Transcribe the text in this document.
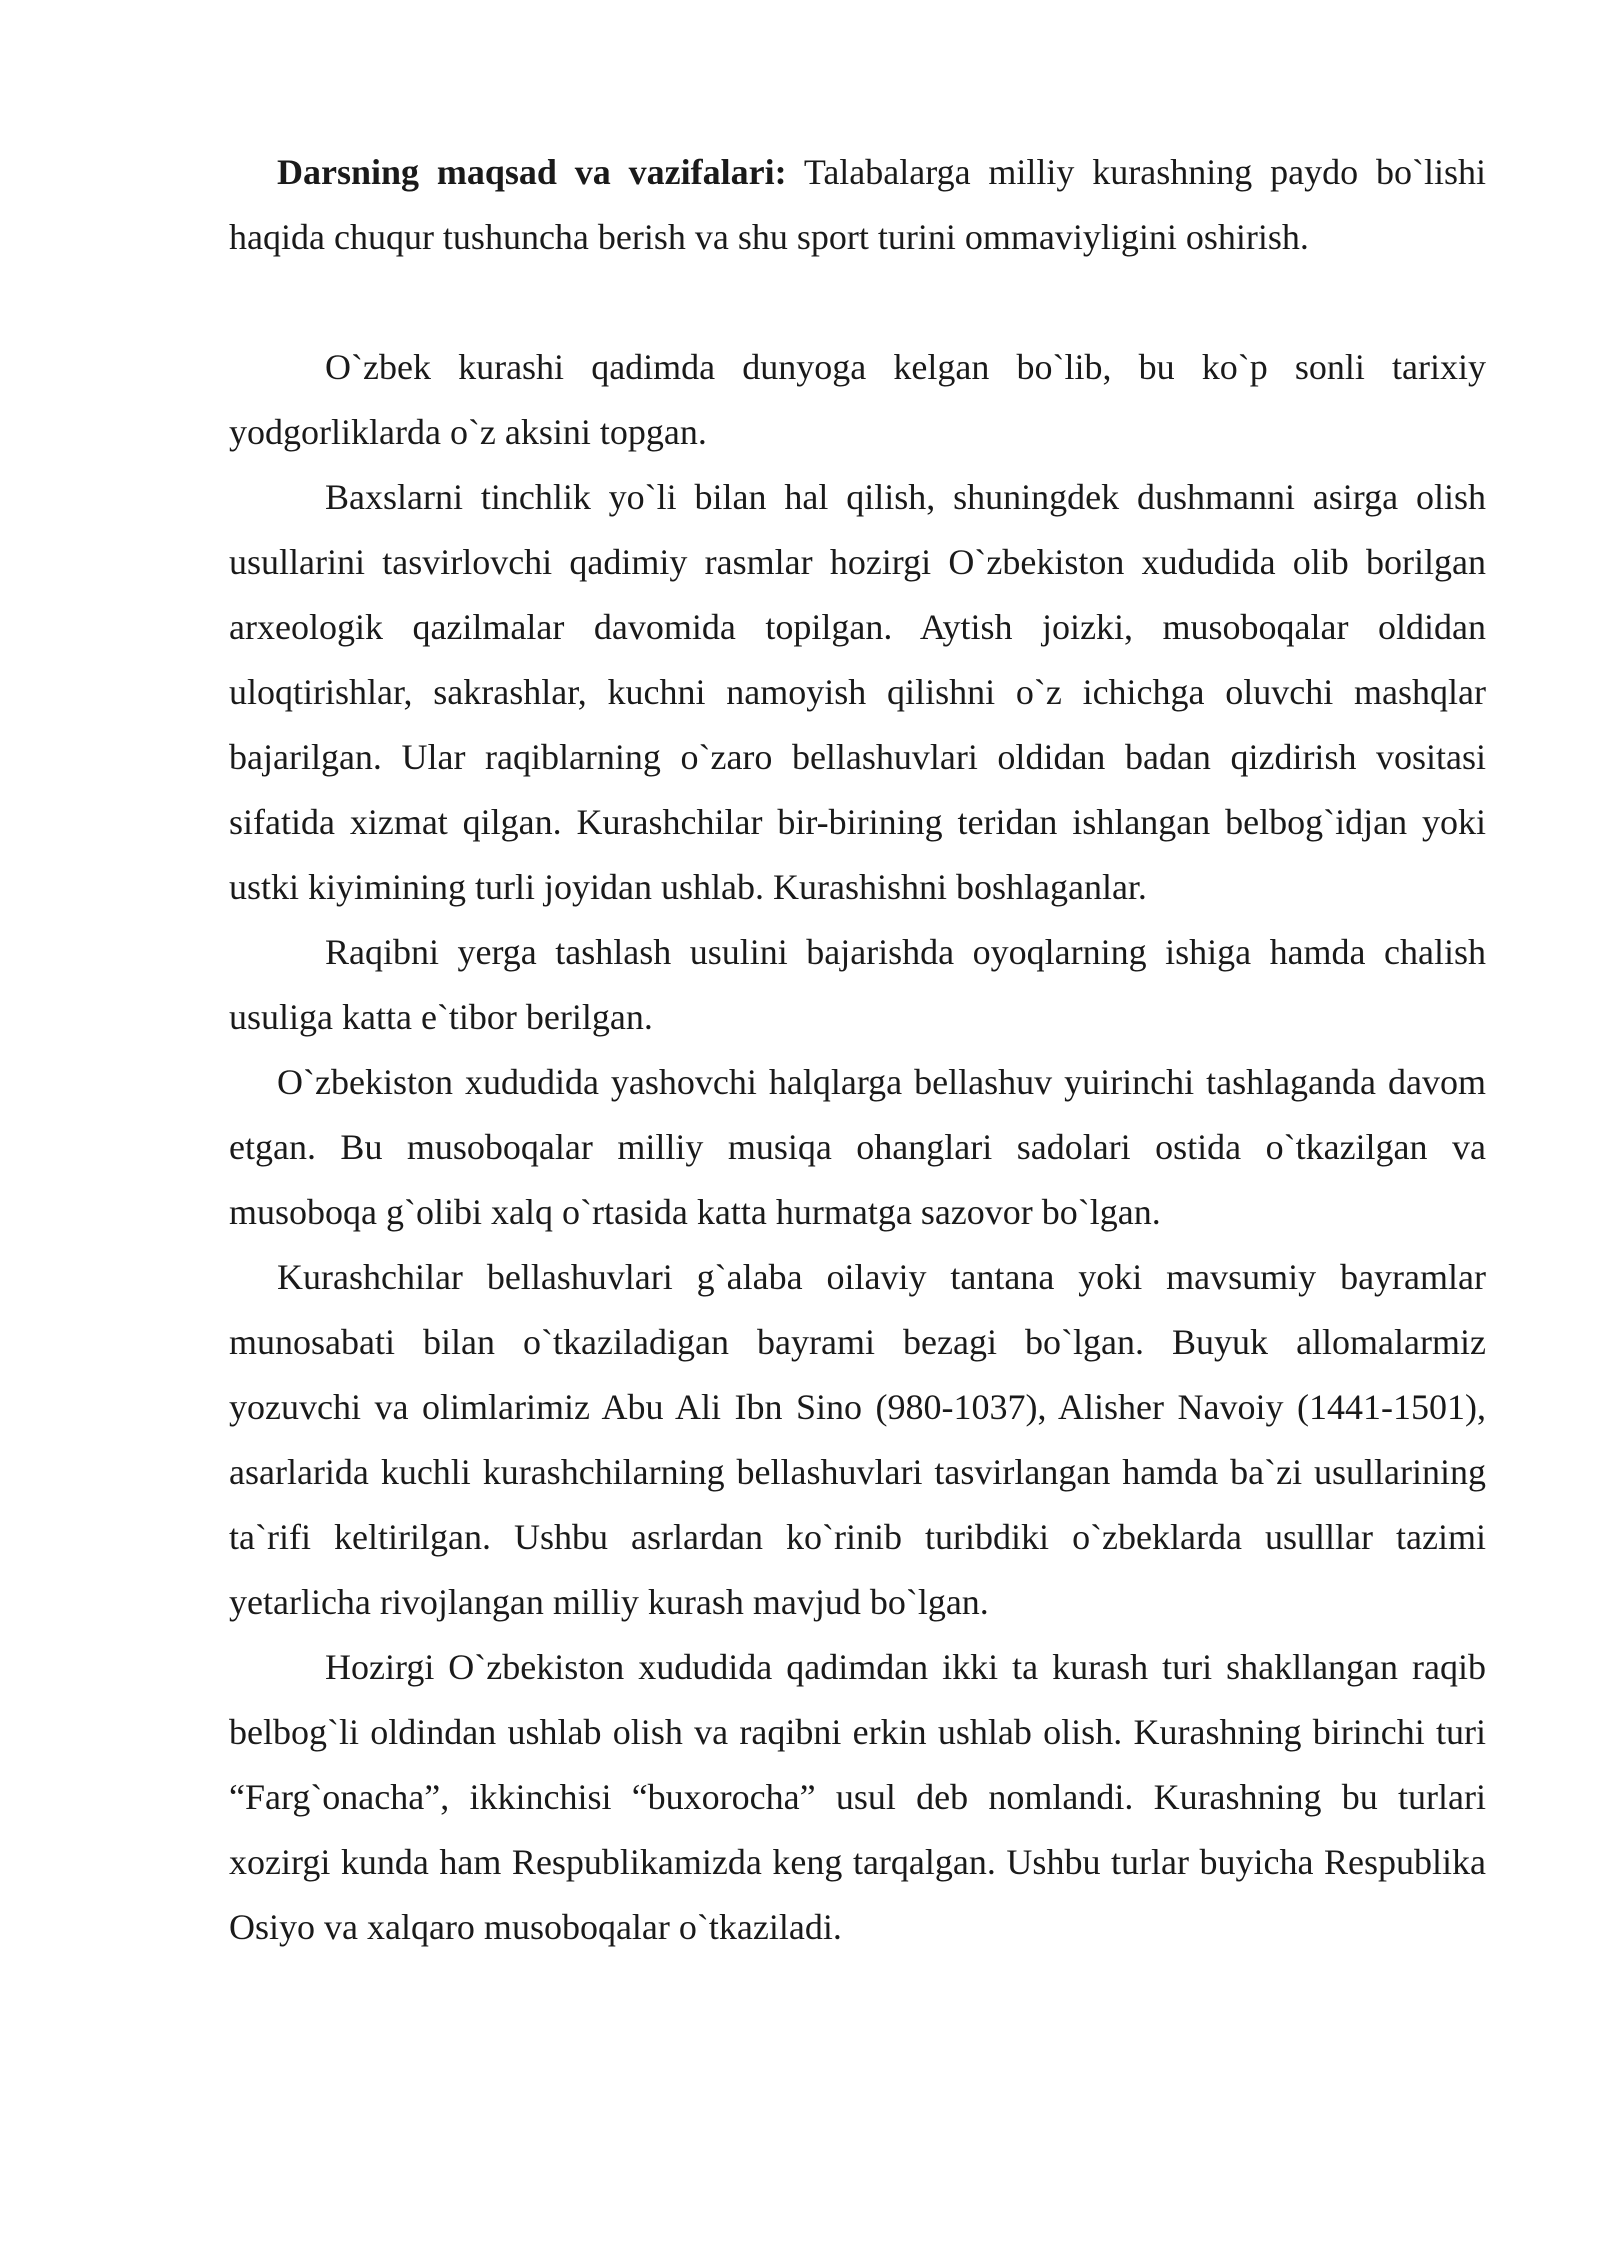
Darsning maqsad va vazifalari: Talabalarga milliy kurashning paydo bo`lishi haqida chuqur tushuncha berish va shu sport turini ommaviyligini oshirish.

O`zbek kurashi qadimda dunyoga kelgan bo`lib, bu ko`p sonli tarixiy yodgorliklarda o`z aksini topgan.

Baxslarni tinchlik yo`li bilan hal qilish, shuningdek dushmanni asirga olish usullarini tasvirlovchi qadimiy rasmlar hozirgi O`zbekiston xududida olib borilgan arxeologik qazilmalar davomida topilgan. Aytish joizki, musoboqalar oldidan uloqtirishlar, sakrashlar, kuchni namoyish qilishni o`z ichichga oluvchi mashqlar bajarilgan. Ular raqiblarning o`zaro bellashuvlari oldidan badan qizdirish vositasi sifatida xizmat qilgan. Kurashchilar bir-birining teridan ishlangan belbog`idjan yoki ustki kiyimining turli joyidan ushlab. Kurashishni boshlaganlar.

Raqibni yerga tashlash usulini bajarishda oyoqlarning ishiga hamda chalish usuliga katta e`tibor berilgan.

O`zbekiston xududida yashovchi halqlarga bellashuv yuirinchi tashlaganda davom etgan. Bu musoboqalar milliy musiqa ohanglari sadolari ostida o`tkazilgan va musoboqa g`olibi xalq o`rtasida katta hurmatga sazovor bo`lgan.

Kurashchilar bellashuvlari g`alaba oilaviy tantana yoki mavsumiy bayramlar munosabati bilan o`tkaziladigan bayrami bezagi bo`lgan. Buyuk allomalarmiz yozuvchi va olimlarimiz Abu Ali Ibn Sino (980-1037), Alisher Navoiy (1441-1501), asarlarida kuchli kurashchilarning bellashuvlari tasvirlangan hamda ba`zi usullarining ta`rifi keltirilgan. Ushbu asrlardan ko`rinib turibdiki o`zbeklarda usulllar tazimi yetarlicha rivojlangan milliy kurash mavjud bo`lgan.

Hozirgi O`zbekiston xududida qadimdan ikki ta kurash turi shakllangan raqib belbog`li oldindan ushlab olish va raqibni erkin ushlab olish. Kurashning birinchi turi “Farg`onacha”, ikkinchisi “buxorocha” usul deb nomlandi. Kurashning bu turlari xozirgi kunda ham Respublikamizda keng tarqalgan. Ushbu turlar buyicha Respublika Osiyo va xalqaro musoboqalar o`tkaziladi.
